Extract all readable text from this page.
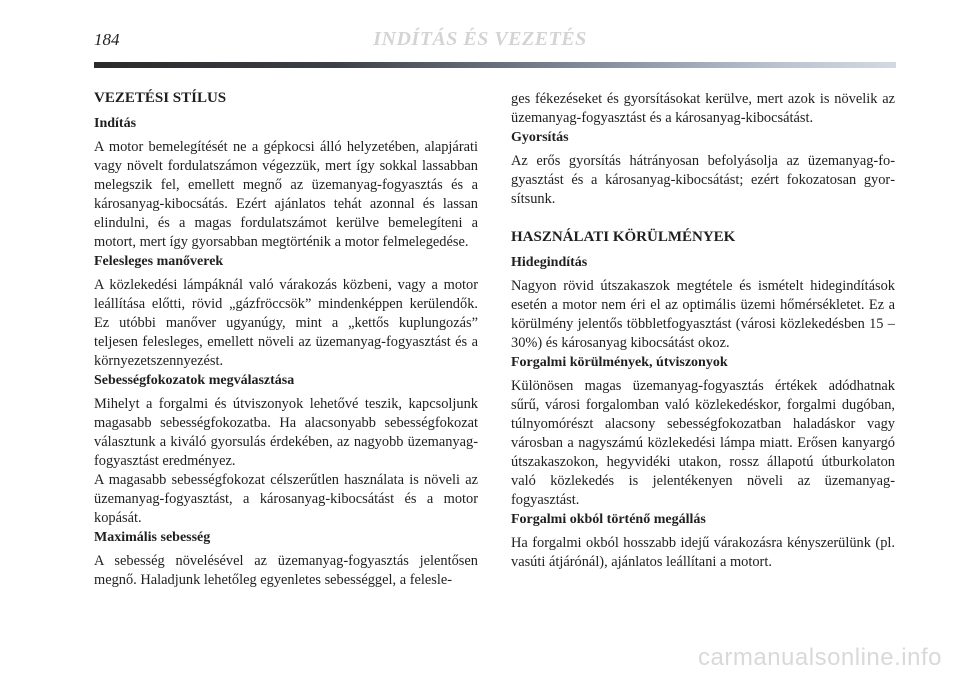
184	INDÍTÁS ÉS VEZETÉS
VEZETÉSI STÍLUS
Indítás

A motor bemelegítését ne a gépkocsi álló helyzetében, alapjárati vagy növelt fordulatszámon végezzük, mert így sokkal lassabban melegszik fel, emellett megnő az üzemanyag-fogyasztás és a károsanyag-kibocsátás. Ezért ajánlatos tehát azonnal és lassan elindulni, és a magas fordulatszámot kerülve bemelegíteni a motort, mert így gyorsabban megtörténik a motor felmelegedése.

Felesleges manőverek

A közlekedési lámpáknál való várakozás közbeni, vagy a motor leállítása előtti, rövid „gázfröccsök” mindenképpen kerülendők. Ez utóbbi manőver ugyanúgy, mint a „kettős kuplungozás” teljesen felesleges, emellett növeli az üzemanyag-fogyasztást és a környezetszennyezést.

Sebességfokozatok megválasztása

Mihelyt a forgalmi és útviszonyok lehetővé teszik, kapcsoljunk magasabb sebességfokozatba. Ha alacsonyabb sebességfokozat választunk a kiváló gyorsulás érdekében, az nagyobb üzemanyag-fogyasztást eredményez.

A magasabb sebességfokozat célszerűtlen használata is növeli az üzemanyag-fogyasztást, a károsanyag-kibocsátást és a motor kopását.

Maximális sebesség

A sebesség növelésével az üzemanyag-fogyasztás jelentősen megnő. Haladjunk lehetőleg egyenletes sebességgel, a feleslе-

ges fékezéseket és gyorsításokat kerülve, mert azok is növelik az üzemanyag-fogyasztást és a károsanyag-kibocsátást.

Gyorsítás

Az erős gyorsítás hátrányosan befolyásolja az üzemanyag-fogyasztást és a károsanyag-kibocsátást; ezért fokozatosan gyorsítsunk.

HASZNÁLATI KÖRÜLMÉNYEK
Hidegindítás

Nagyon rövid útszakaszok megtétele és ismételt hidegindítások esetén a motor nem éri el az optimális üzemi hőmérsékletet. Ez a körülmény jelentős többletfogyasztást (városi közlekedésben 15 – 30%) és károsanyag kibocsátást okoz.

Forgalmi körülmények, útviszonyok

Különösen magas üzemanyag-fogyasztás értékek adódhatnak sűrű, városi forgalomban való közlekedéskor, forgalmi dugóban, túlnyomórészt alacsony sebességfokozatban haladáskor vagy városban a nagyszámú közlekedési lámpa miatt. Erősen kanyargó útszakaszokon, hegyvidéki utakon, rossz állapotú útburkolaton való közlekedés is jelentékenyen növeli az üzemanyag-fogyasztást.

Forgalmi okból történő megállás

Ha forgalmi okból hosszabb idejű várakozásra kényszerülünk (pl. vasúti átjárónál), ajánlatos leállítani a motort.

carmanualsonline.info
